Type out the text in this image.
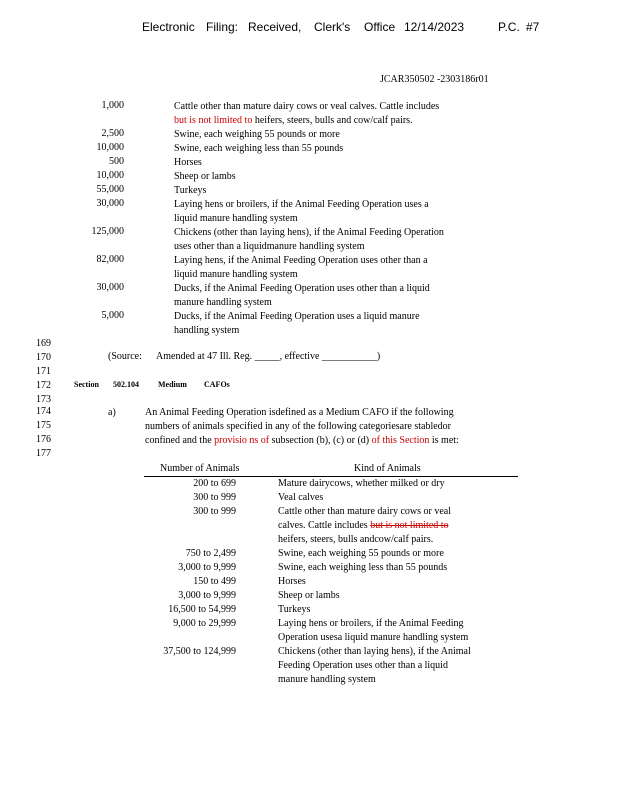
Electronic Filing: Received, Clerk's Office 12/14/2023	P.C. #7
JCAR350502 -2303186r01
1,000	Cattle other than mature dairy cows or veal calves. Cattle includes
but is not limited to heifers, steers, bulls and cow/calf pairs.
2,500	Swine, each weighing 55 pounds or more
10,000	Swine, each weighing less than 55 pounds
500	Horses
10,000	Sheep or lambs
55,000	Turkeys
30,000	Laying hens or broilers, if the Animal Feeding Operation uses a
liquid manure handling system
125,000	Chickens (other than laying hens), if the Animal Feeding Operation
uses other than a liquidmanure handling system
82,000	Laying hens, if the Animal Feeding Operation uses other than a
liquid manure handling system
30,000	Ducks, if the Animal Feeding Operation uses other than a liquid
manure handling system
5,000	Ducks, if the Animal Feeding Operation uses a liquid manure
handling system
169
170
171
172
173
174
175
176
177
(Source: Amended at 47 Ill. Reg. _____, effective ___________)
Section 502.104 Medium CAFOs
a)	An Animal Feeding Operation isdefined as a Medium CAFO if the following
numbers of animals specified in any of the following categoriesare stabledor
confined and the provisio ns of subsection (b), (c) or (d) of this Section is met:
Number of Animals	Kind of Animals
200 to 699	Mature dairycows, whether milked or dry
300 to 999	Veal calves
300 to 999	Cattle other than mature dairy cows or veal
calves. Cattle includes but is not limited to
heifers, steers, bulls andcow/calf pairs.
750 to 2,499	Swine, each weighing 55 pounds or more
3,000 to 9,999	Swine, each weighing less than 55 pounds
150 to 499	Horses
3,000 to 9,999	Sheep or lambs
16,500 to 54,999	Turkeys
9,000 to 29,999	Laying hens or broilers, if the Animal Feeding
Operation usesa liquid manure handling system
37,500 to 124,999	Chickens (other than laying hens), if the Animal
Feeding Operation uses other than a liquid
manure handling system
